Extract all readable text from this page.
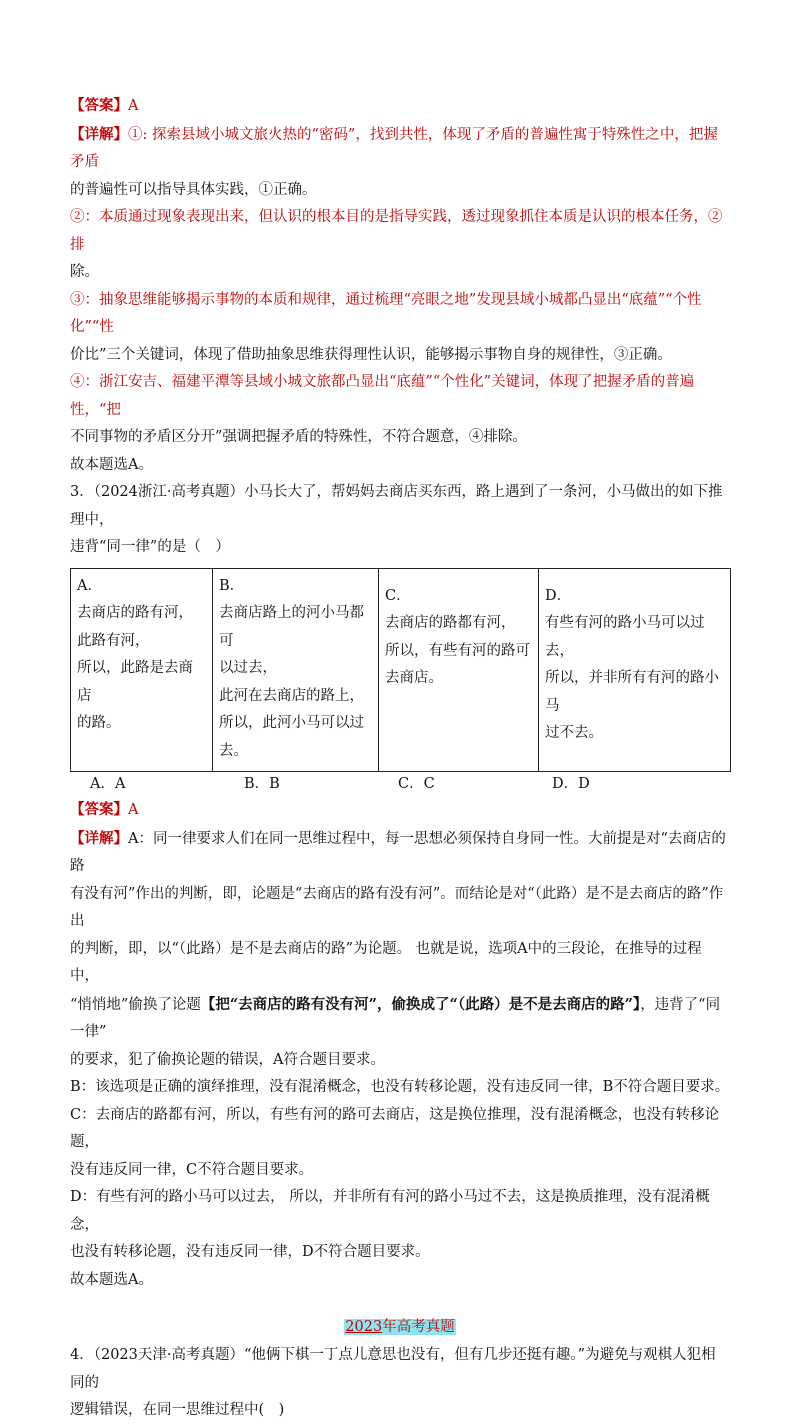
【答案】A

【详解】①: 探索县域小城文旅火热的“密码”，找到共性，体现了矛盾的普遍性寓于特殊性之中，把握矛盾

的普遍性可以指导具体实践，①正确。

②：本质通过现象表现出来，但认识的根本目的是指导实践，透过现象抓住本质是认识的根本任务，②排

除。

③：抽象思维能够揭示事物的本质和规律，通过梳理“亮眼之地”发现县域小城都凸显出“底蕴”“个性化”“性

价比”三个关键词，体现了借助抽象思维获得理性认识，能够揭示事物自身的规律性，③正确。

④：浙江安吉、福建平潭等县域小城文旅都凸显出“底蕴”“个性化”关键词，体现了把握矛盾的普遍性，“把

不同事物的矛盾区分开”强调把握矛盾的特殊性，不符合题意，④排除。

故本题选A。

3．（2024浙江·高考真题）小马长大了，帮妈妈去商店买东西，路上遇到了一条河，小马做出的如下推理中，

违背“同一律”的是（　）

A．
去商店的路有河，
此路有河，
所以，此路是去商店
的路。

B．
去商店路上的河小马都可
以过去，
此河在去商店的路上，
所以，此河小马可以过去。

C．
去商店的路都有河，
所以，有些有河的路可
去商店。

D．
有些有河的路小马可以过去，
所以，并非所有有河的路小马
过不去。
A．A	B．B	C．C	D．D

【答案】A

【详解】A：同一律要求人们在同一思维过程中，每一思想必须保持自身同一性。大前提是对“去商店的路

有没有河”作出的判断，即，论题是“去商店的路有没有河”。而结论是对“（此路）是不是去商店的路”作出

的判断，即，以“（此路）是不是去商店的路”为论题。 也就是说，选项A中的三段论，在推导的过程中，

“悄悄地”偷换了论题【把“去商店的路有没有河”，偷换成了“（此路）是不是去商店的路”】，违背了“同一律”

的要求，犯了偷换论题的错误，A符合题目要求。

B：该选项是正确的演绎推理，没有混淆概念，也没有转移论题，没有违反同一律，B不符合题目要求。

C：去商店的路都有河，所以，有些有河的路可去商店，这是换位推理，没有混淆概念，也没有转移论题，

没有违反同一律，C不符合题目要求。

D：有些有河的路小马可以过去， 所以，并非所有有河的路小马过不去，这是换质推理，没有混淆概念，

也没有转移论题，没有违反同一律，D不符合题目要求。

故本题选A。

2023年高考真题

4．（2023天津·高考真题）“他俩下棋一丁点儿意思也没有，但有几步还挺有趣。”为避免与观棋人犯相同的

逻辑错误，在同一思维过程中(　)
